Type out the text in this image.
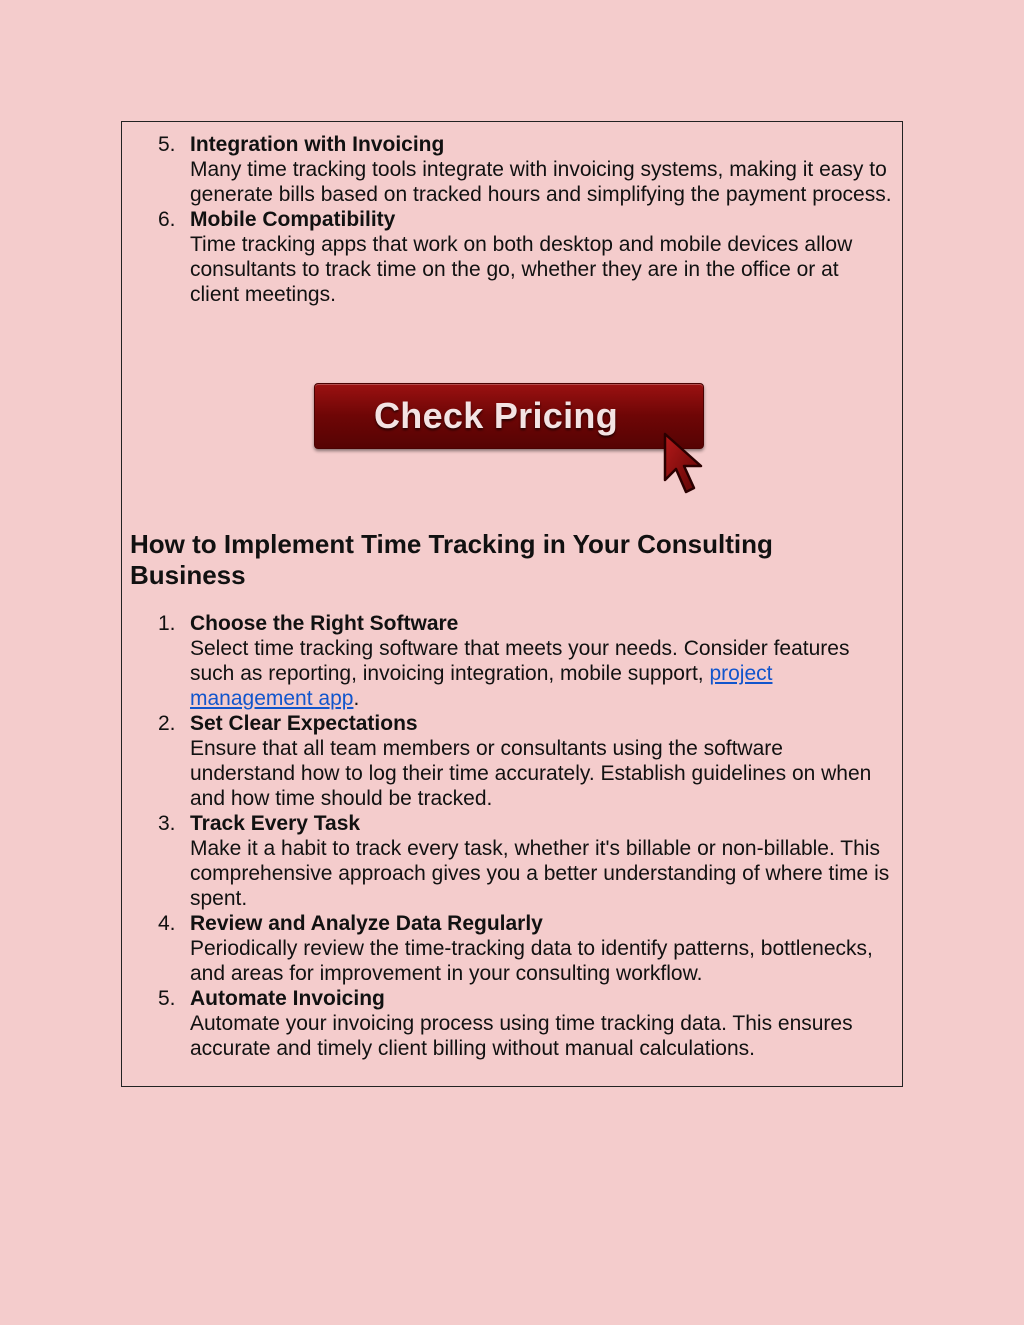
5. Integration with Invoicing
Many time tracking tools integrate with invoicing systems, making it easy to generate bills based on tracked hours and simplifying the payment process.
6. Mobile Compatibility
Time tracking apps that work on both desktop and mobile devices allow consultants to track time on the go, whether they are in the office or at client meetings.
Check Pricing
How to Implement Time Tracking in Your Consulting Business
1. Choose the Right Software
Select time tracking software that meets your needs. Consider features such as reporting, invoicing integration, mobile support, project management app.
2. Set Clear Expectations
Ensure that all team members or consultants using the software understand how to log their time accurately. Establish guidelines on when and how time should be tracked.
3. Track Every Task
Make it a habit to track every task, whether it's billable or non-billable. This comprehensive approach gives you a better understanding of where time is spent.
4. Review and Analyze Data Regularly
Periodically review the time-tracking data to identify patterns, bottlenecks, and areas for improvement in your consulting workflow.
5. Automate Invoicing
Automate your invoicing process using time tracking data. This ensures accurate and timely client billing without manual calculations.
